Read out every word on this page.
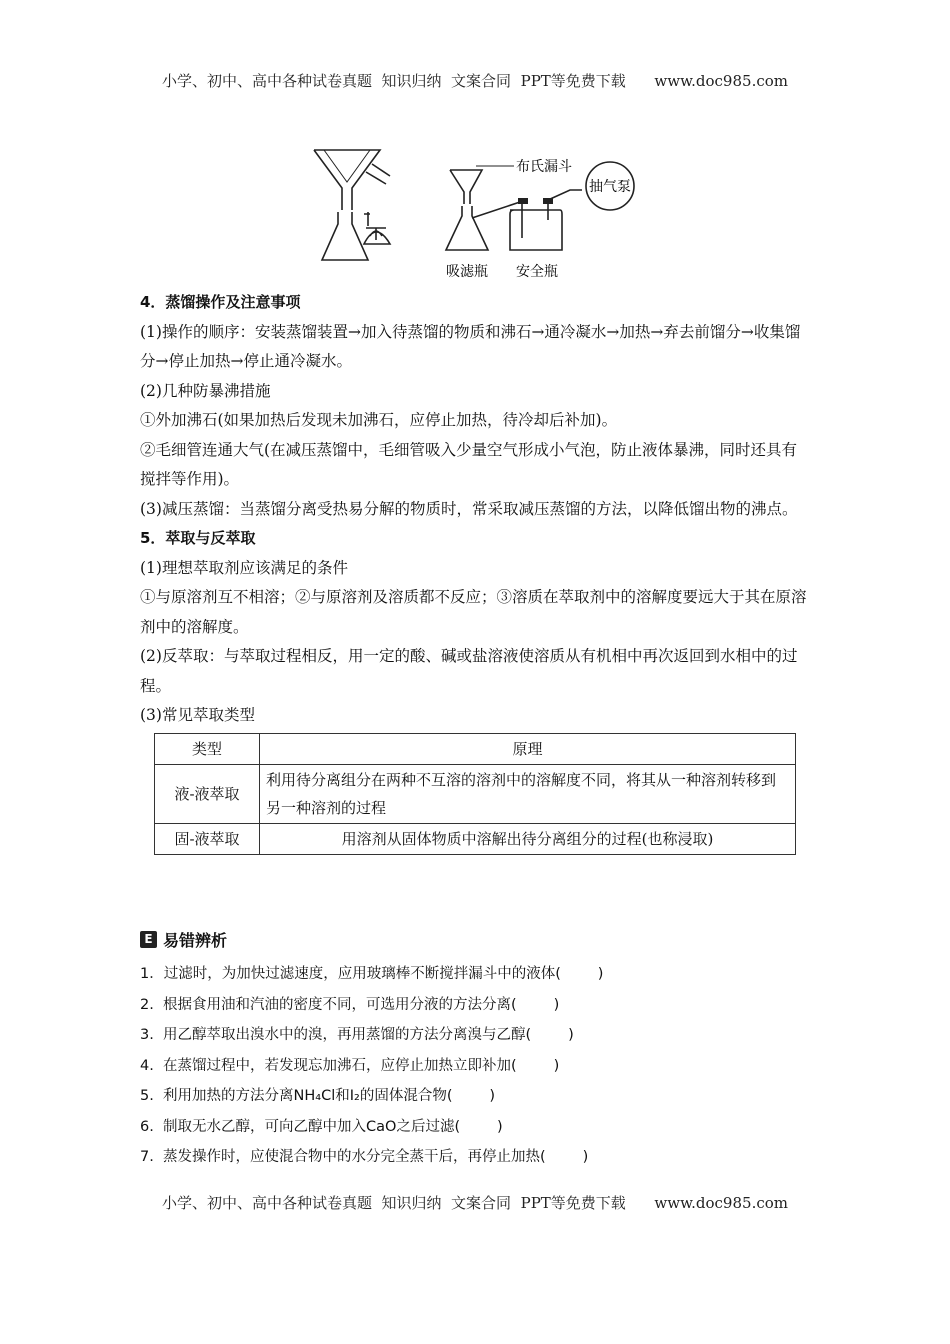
小学、初中、高中各种试卷真题  知识归纳  文案合同  PPT等免费下载      www.doc985.com
布氏漏斗
抽气泵
吸滤瓶 安全瓶

4．蒸馏操作及注意事项

(1)操作的顺序：安装蒸馏装置→加入待蒸馏的物质和沸石→通冷凝水→加热→弃去前馏分→收集馏分→停止加热→停止通冷凝水。

(2)几种防暴沸措施

①外加沸石(如果加热后发现未加沸石，应停止加热，待冷却后补加)。

②毛细管连通大气(在减压蒸馏中，毛细管吸入少量空气形成小气泡，防止液体暴沸，同时还具有搅拌等作用)。

(3)减压蒸馏：当蒸馏分离受热易分解的物质时，常采取减压蒸馏的方法，以降低馏出物的沸点。

5．萃取与反萃取

(1)理想萃取剂应该满足的条件

①与原溶剂互不相溶；②与原溶剂及溶质都不反应；③溶质在萃取剂中的溶解度要远大于其在原溶剂中的溶解度。

(2)反萃取：与萃取过程相反，用一定的酸、碱或盐溶液使溶质从有机相中再次返回到水相中的过程。

(3)常见萃取类型

类型	原理
液-液萃取	利用待分离组分在两种不互溶的溶剂中的溶解度不同，将其从一种溶剂转移到另一种溶剂的过程
固-液萃取	用溶剂从固体物质中溶解出待分离组分的过程(也称浸取)
E 易错辨析

1．过滤时，为加快过滤速度，应用玻璃棒不断搅拌漏斗中的液体(        )

2.  根据食用油和汽油的密度不同，可选用分液的方法分离(        )

3.  用乙醇萃取出溴水中的溴，再用蒸馏的方法分离溴与乙醇(        )

4.  在蒸馏过程中，若发现忘加沸石，应停止加热立即补加(        )

5.  利用加热的方法分离NH₄Cl和I₂的固体混合物(        )

6.  制取无水乙醇，可向乙醇中加入CaO之后过滤(        )

7.  蒸发操作时，应使混合物中的水分完全蒸干后，再停止加热(        )

小学、初中、高中各种试卷真题  知识归纳  文案合同  PPT等免费下载      www.doc985.com
